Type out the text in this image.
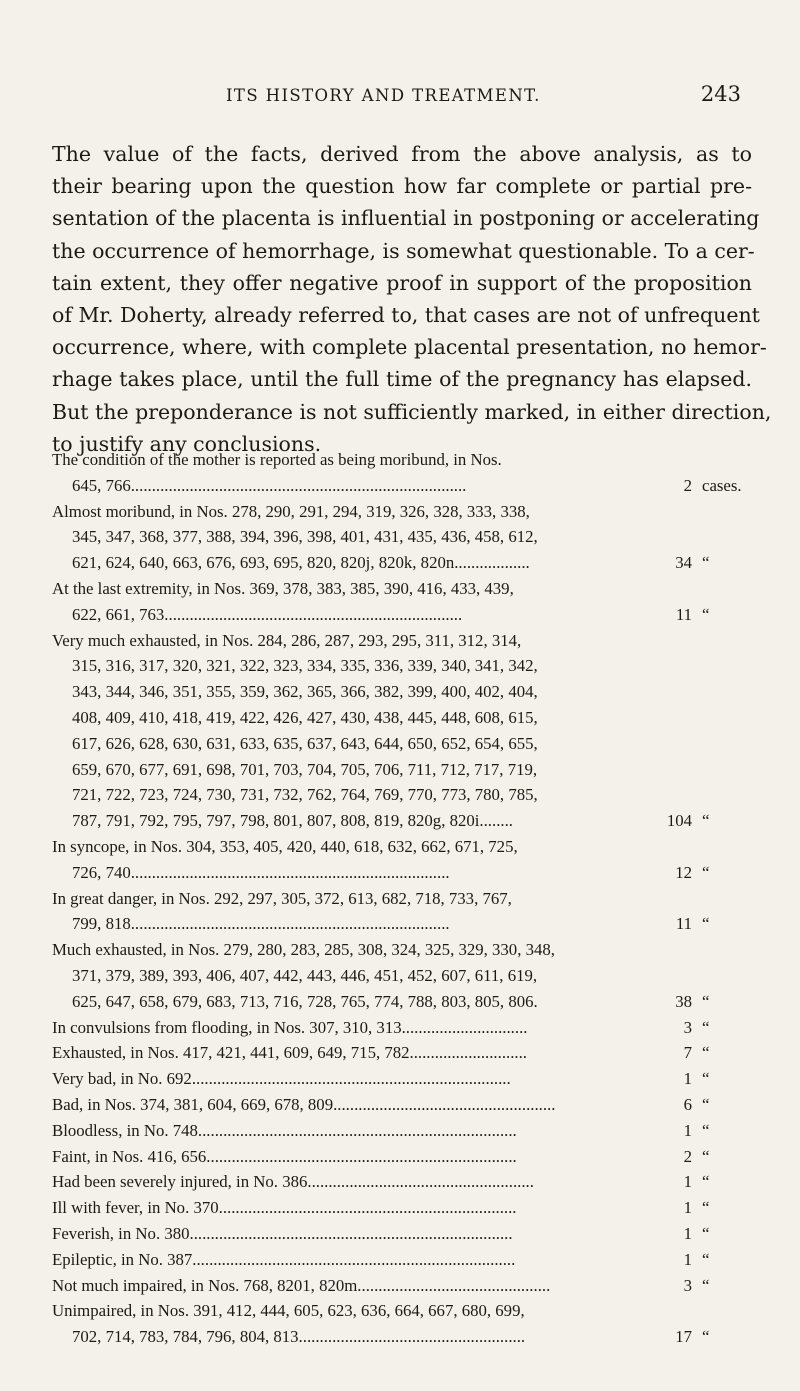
ITS HISTORY AND TREATMENT.	243
The value of the facts, derived from the above analysis, as to
their bearing upon the question how far complete or partial pre-
sentation of the placenta is influential in postponing or accelerating
the occurrence of hemorrhage, is somewhat questionable. To a cer-
tain extent, they offer negative proof in support of the proposition
of Mr. Doherty, already referred to, that cases are not of unfrequent
occurrence, where, with complete placental presentation, no hemor-
rhage takes place, until the full time of the pregnancy has elapsed.
But the preponderance is not sufficiently marked, in either direction,
to justify any conclusions.
The condition of the mother is reported as being moribund, in Nos.
645, 766................................................................................	2 cases.
Almost moribund, in Nos. 278, 290, 291, 294, 319, 326, 328, 333, 338,
345, 347, 368, 377, 388, 394, 396, 398, 401, 431, 435, 436, 458, 612,
621, 624, 640, 663, 676, 693, 695, 820, 820j, 820k, 820n..................	34 “
At the last extremity, in Nos. 369, 378, 383, 385, 390, 416, 433, 439,
622, 661, 763.......................................................................	11 “
Very much exhausted, in Nos. 284, 286, 287, 293, 295, 311, 312, 314,
315, 316, 317, 320, 321, 322, 323, 334, 335, 336, 339, 340, 341, 342,
343, 344, 346, 351, 355, 359, 362, 365, 366, 382, 399, 400, 402, 404,
408, 409, 410, 418, 419, 422, 426, 427, 430, 438, 445, 448, 608, 615,
617, 626, 628, 630, 631, 633, 635, 637, 643, 644, 650, 652, 654, 655,
659, 670, 677, 691, 698, 701, 703, 704, 705, 706, 711, 712, 717, 719,
721, 722, 723, 724, 730, 731, 732, 762, 764, 769, 770, 773, 780, 785,
787, 791, 792, 795, 797, 798, 801, 807, 808, 819, 820g, 820i........	104 “
In syncope, in Nos. 304, 353, 405, 420, 440, 618, 632, 662, 671, 725,
726, 740............................................................................	12 “
In great danger, in Nos. 292, 297, 305, 372, 613, 682, 718, 733, 767,
799, 818............................................................................	11 “
Much exhausted, in Nos. 279, 280, 283, 285, 308, 324, 325, 329, 330, 348,
371, 379, 389, 393, 406, 407, 442, 443, 446, 451, 452, 607, 611, 619,
625, 647, 658, 679, 683, 713, 716, 728, 765, 774, 788, 803, 805, 806.	38 “
In convulsions from flooding, in Nos. 307, 310, 313..............................	3 “
Exhausted, in Nos. 417, 421, 441, 609, 649, 715, 782............................	7 “
Very bad, in No. 692............................................................................	1 “
Bad, in Nos. 374, 381, 604, 669, 678, 809.....................................................	6 “
Bloodless, in No. 748............................................................................	1 “
Faint, in Nos. 416, 656..........................................................................	2 “
Had been severely injured, in No. 386......................................................	1 “
Ill with fever, in No. 370.......................................................................	1 “
Feverish, in No. 380.............................................................................	1 “
Epileptic, in No. 387.............................................................................	1 “
Not much impaired, in Nos. 768, 8201, 820m..............................................	3 “
Unimpaired, in Nos. 391, 412, 444, 605, 623, 636, 664, 667, 680, 699,
702, 714, 783, 784, 796, 804, 813......................................................	17 “
